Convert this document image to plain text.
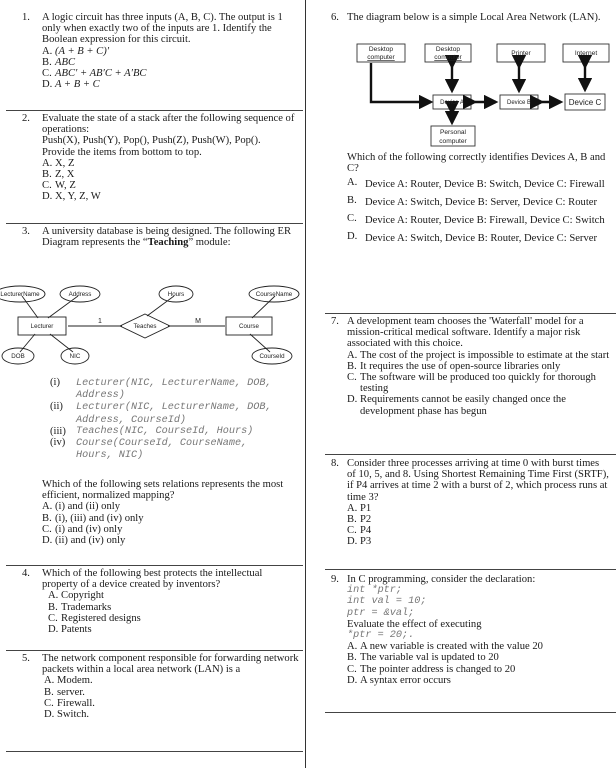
1. A logic circuit has three inputs (A, B, C). The output is 1 only when exactly two of the inputs are 1. Identify the Boolean expression for this circuit.
A. (A + B + C)′
B. ABC
C. ABC′ + AB′C + A′BC
D. A + B + C
2. Evaluate the state of a stack after the following sequence of operations:
Push(X), Push(Y), Pop(), Push(Z), Push(W), Pop().
Provide the items from bottom to top.
A. X, Z
B. Z, X
C. W, Z
D. X, Y, Z, W
3. A university database is being designed. The following ER Diagram represents the “Teaching” module:
LecturerName	Address	Hours	CourseName
Lecturer	Teaches	Course
DOB	NIC	CourseId
1	M
(i)	Lecturer(NIC, LecturerName, DOB,
Address)
(ii)	Lecturer(NIC, LecturerName, DOB,
Address, CourseId)
(iii) Teaches(NIC, CourseId, Hours)
(iv)	Course(CourseId, CourseName,
Hours, NIC)
Which of the following sets relations represents the most efficient, normalized mapping?
A. (i) and (ii) only
B. (i), (iii) and (iv) only
C. (i) and (iv) only
D. (ii) and (iv) only
4. Which of the following best protects the intellectual property of a device created by inventors?
A. Copyright
B. Trademarks
C. Registered designs
D. Patents
5. The network component responsible for forwarding network packets within a local area network (LAN) is a
A. Modem.
B. server.
C. Firewall.
D. Switch.
6. The diagram below is a simple Local Area Network (LAN).
Desktop
computer
Desktop
computer
Printer	Internet
Device A	Device B	Device C
Personal
computer
Which of the following correctly identifies Devices A, B and C?
A. Device A: Router, Device B: Switch, Device C: Firewall
B. Device A: Switch, Device B: Server, Device C: Router
C. Device A: Router, Device B: Firewall, Device C: Switch
D. Device A: Switch, Device B: Router, Device C: Server
7. A development team chooses the 'Waterfall' model for a mission-critical medical software. Identify a major risk associated with this choice.
A. The cost of the project is impossible to estimate at the start
B. It requires the use of open-source libraries only
C. The software will be produced too quickly for thorough testing
D. Requirements cannot be easily changed once the development phase has begun
8. Consider three processes arriving at time 0 with burst times of 10, 5, and 8. Using Shortest Remaining Time First (SRTF), if P4 arrives at time 2 with a burst of 2, which process runs at time 3?
A. P1
B. P2
C. P4
D. P3
9. In C programming, consider the declaration:
int *ptr;
int val = 10;
ptr = &val;
Evaluate the effect of executing
*ptr = 20;.
A. A new variable is created with the value 20
B. The variable val is updated to 20
C. The pointer address is changed to 20
D. A syntax error occurs
